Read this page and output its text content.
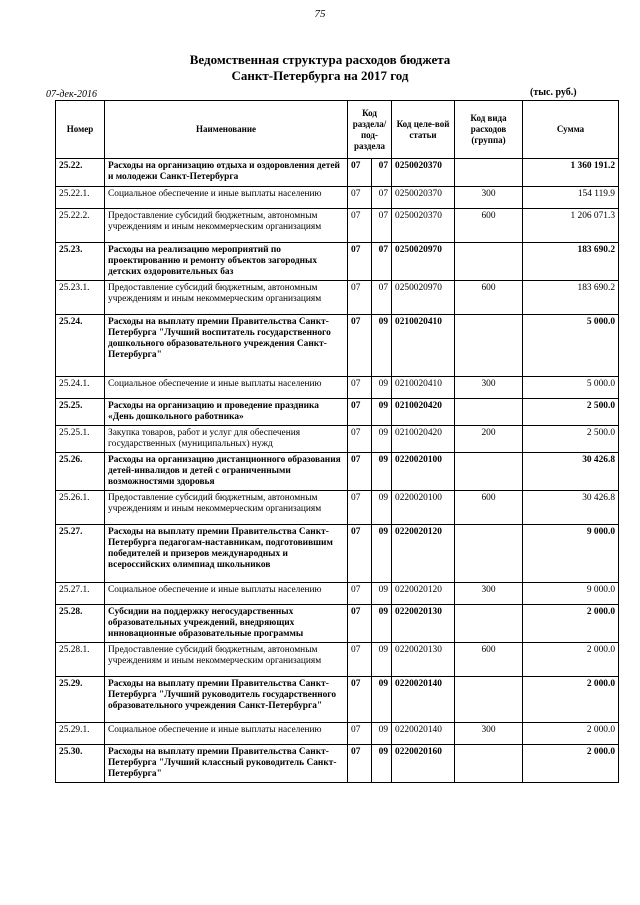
75
Ведомственная структура расходов бюджета
Санкт-Петербурга на 2017 год
07-дек-2016	(тыс. руб.)
Номер	Наименование	Код раздела/ под-раздела		Код целе-вой статьи	Код вида расходов (группа)	Сумма
25.22.	Расходы на организацию отдыха и оздоровления детей и молодежи Санкт-Петербурга	07	07	0250020370		1 360 191.2
25.22.1.	Социальное обеспечение и иные выплаты населению	07	07	0250020370	300	154 119.9
25.22.2.	Предоставление субсидий бюджетным, автономным учреждениям и иным некоммерческим организациям	07	07	0250020370	600	1 206 071.3
25.23.	Расходы на реализацию мероприятий по проектированию и ремонту объектов загородных детских оздоровительных баз	07	07	0250020970		183 690.2
25.23.1.	Предоставление субсидий бюджетным, автономным учреждениям и иным некоммерческим организациям	07	07	0250020970	600	183 690.2
25.24.	Расходы на выплату премии Правительства Санкт-Петербурга "Лучший воспитатель государственного дошкольного образовательного учреждения Санкт-Петербурга"	07	09	0210020410		5 000.0
25.24.1.	Социальное обеспечение и иные выплаты населению	07	09	0210020410	300	5 000.0
25.25.	Расходы на организацию и проведение праздника «День дошкольного работника»	07	09	0210020420		2 500.0
25.25.1.	Закупка товаров, работ и услуг для обеспечения государственных (муниципальных) нужд	07	09	0210020420	200	2 500.0
25.26.	Расходы на организацию дистанционного образования детей-инвалидов и детей с ограниченными возможностями здоровья	07	09	0220020100		30 426.8
25.26.1.	Предоставление субсидий бюджетным, автономным учреждениям и иным некоммерческим организациям	07	09	0220020100	600	30 426.8
25.27.	Расходы на выплату премии Правительства Санкт-Петербурга педагогам-наставникам, подготовившим победителей и призеров международных и всероссийских олимпиад школьников	07	09	0220020120		9 000.0
25.27.1.	Социальное обеспечение и иные выплаты населению	07	09	0220020120	300	9 000.0
25.28.	Субсидии на поддержку негосударственных образовательных учреждений, внедряющих инновационные образовательные программы	07	09	0220020130		2 000.0
25.28.1.	Предоставление субсидий бюджетным, автономным учреждениям и иным некоммерческим организациям	07	09	0220020130	600	2 000.0
25.29.	Расходы на выплату премии Правительства Санкт-Петербурга "Лучший руководитель государственного образовательного учреждения Санкт-Петербурга"	07	09	0220020140		2 000.0
25.29.1.	Социальное обеспечение и иные выплаты населению	07	09	0220020140	300	2 000.0
25.30.	Расходы на выплату премии Правительства Санкт-Петербурга "Лучший классный руководитель Санкт-Петербурга"	07	09	0220020160		2 000.0
